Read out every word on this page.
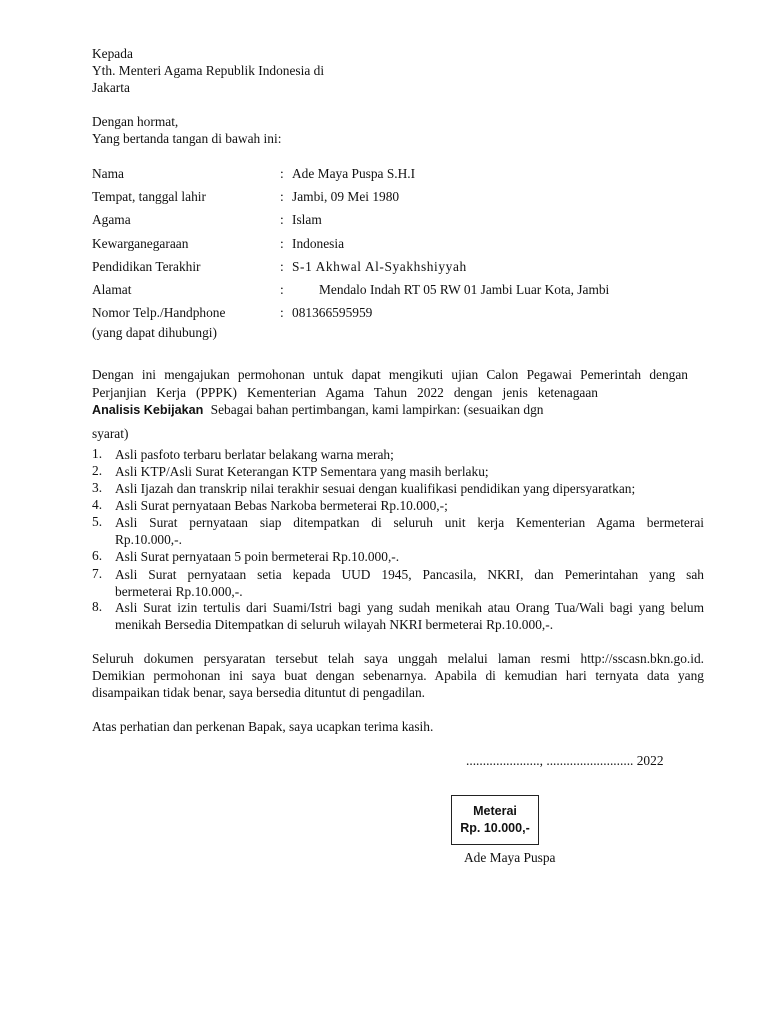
Kepada
Yth. Menteri Agama Republik Indonesia di
Jakarta
Dengan hormat,
Yang bertanda tangan di bawah ini:
Nama	: Ade Maya Puspa S.H.I
Tempat, tanggal lahir	: Jambi, 09 Mei 1980
Agama	: Islam
Kewarganegaraan	: Indonesia
Pendidikan Terakhir	: S-1 Akhwal Al-Syakhshiyyah
Alamat	:	Mendalo Indah RT 05 RW 01 Jambi Luar Kota, Jambi
Nomor Telp./Handphone	: 081366595959
(yang dapat dihubungi)
Dengan ini mengajukan permohonan untuk dapat mengikuti ujian Calon Pegawai Pemerintah dengan
Perjanjian Kerja (PPPK) Kementerian Agama Tahun 2022 dengan jenis ketenagaan
Analisis Kebijakan Sebagai bahan pertimbangan, kami lampirkan: (sesuaikan dgn
syarat)
1. Asli pasfoto terbaru berlatar belakang warna merah;
2. Asli KTP/Asli Surat Keterangan KTP Sementara yang masih berlaku;
3. Asli Ijazah dan transkrip nilai terakhir sesuai dengan kualifikasi pendidikan yang dipersyaratkan;
4. Asli Surat pernyataan Bebas Narkoba bermeterai Rp.10.000,-;
5. Asli Surat pernyataan siap ditempatkan di seluruh unit kerja Kementerian Agama bermeterai
Rp.10.000,-.
6. Asli Surat pernyataan 5 poin bermeterai Rp.10.000,-.
7. Asli Surat pernyataan setia kepada UUD 1945, Pancasila, NKRI, dan Pemerintahan yang sah
bermeterai Rp.10.000,-.
8. Asli Surat izin tertulis dari Suami/Istri bagi yang sudah menikah atau Orang Tua/Wali bagi yang belum
menikah Bersedia Ditempatkan di seluruh wilayah NKRI bermeterai Rp.10.000,-.
Seluruh dokumen persyaratan tersebut telah saya unggah melalui laman resmi http://sscasn.bkn.go.id.
Demikian permohonan ini saya buat dengan sebenarnya. Apabila di kemudian hari ternyata data yang
disampaikan tidak benar, saya bersedia dituntut di pengadilan.
Atas perhatian dan perkenan Bapak, saya ucapkan terima kasih.
......................, .......................... 2022
Meterai
Rp. 10.000,-
Ade Maya Puspa
